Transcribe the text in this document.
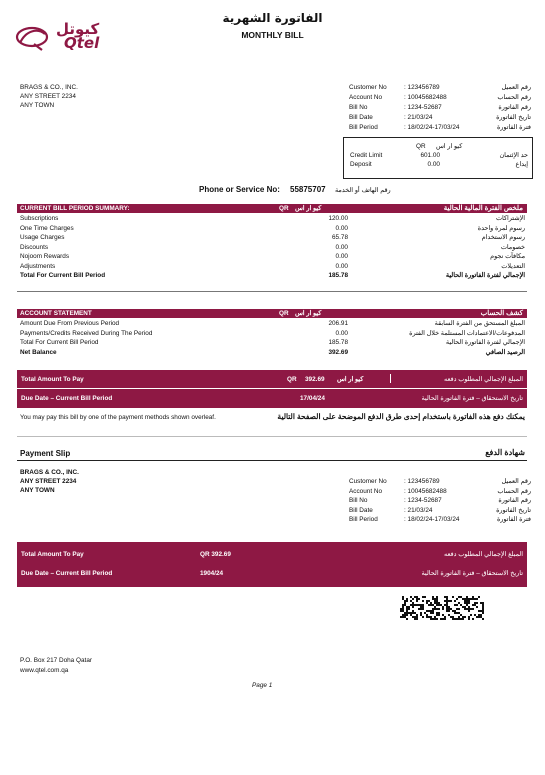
كيوتل
Qtel
الفاتورة الشهرية
MONTHLY BILL
BRAGS & CO., INC.
ANY STREET 2234
ANY TOWN
Customer No	: 123456789	رقم العميل
Account No	: 10045682488	رقم الحساب
Bill No	: 1234-52687	رقم الفاتورة
Bill Date	: 21/03/24	تاريخ الفاتورة
Bill Period	: 18/02/24-17/03/24	فترة الفاتورة
QR كيو ار اس
Credit Limit	601.00	حد الإئتمان
Deposit	0.00	إيداع
Phone or Service No: 55875707 رقم الهاتف أو الخدمة
CURRENT BILL PERIOD SUMMARY:	QR كيو ار اس	ملخص الفترة المالية الحالية
Subscriptions	120.00	الإشتراكات
One Time Charges	0.00	رسوم لمرة واحدة
Usage Charges	65.78	رسوم الاستخدام
Discounts	0.00	خصومات
Nojoom Rewards	0.00	مكافآت نجوم
Adjustments	0.00	التعديلات
Total For Current Bill Period	185.78	الإجمالي لفترة الفاتورة الحالية
ACCOUNT STATEMENT	QR كيو ار اس	كشف الحساب
Amount Due From Previous Period	206.91	المبلغ المستحق من الفترة السابقة
Payments/Credits Received During The Period	0.00	المدفوعات/الاعتمادات المستلمة خلال الفترة
Total For Current Bill Period	185.78	الإجمالي لفترة الفاتورة الحالية
Net Balance	392.69	الرصيد الصافي
Total Amount To Pay	QR 392.69 كيو ار اس	المبلغ الإجمالي المطلوب دفعه
Due Date – Current Bill Period	17/04/24	تاريخ الاستحقاق – فترة الفاتورة الحالية
You may pay this bill by one of the payment methods shown overleaf.	يمكنك دفع هذه الفاتورة باستخدام إحدى طرق الدفع الموضحة على الصفحة التالية
Payment Slip	شهادة الدفع
BRAGS & CO., INC.
ANY STREET 2234
ANY TOWN
Customer No	: 123456789	رقم العميل
Account No	: 10045682488	رقم الحساب
Bill No	: 1234-52687	رقم الفاتورة
Bill Date	: 21/03/24	تاريخ الفاتورة
Bill Period	: 18/02/24-17/03/24	فترة الفاتورة
Total Amount To Pay	QR 392.69	المبلغ الإجمالي المطلوب دفعه
Due Date – Current Bill Period	1904/24	تاريخ الاستحقاق – فترة الفاتورة الحالية
P.O. Box 217 Doha Qatar
www.qtel.com.qa
Page 1
